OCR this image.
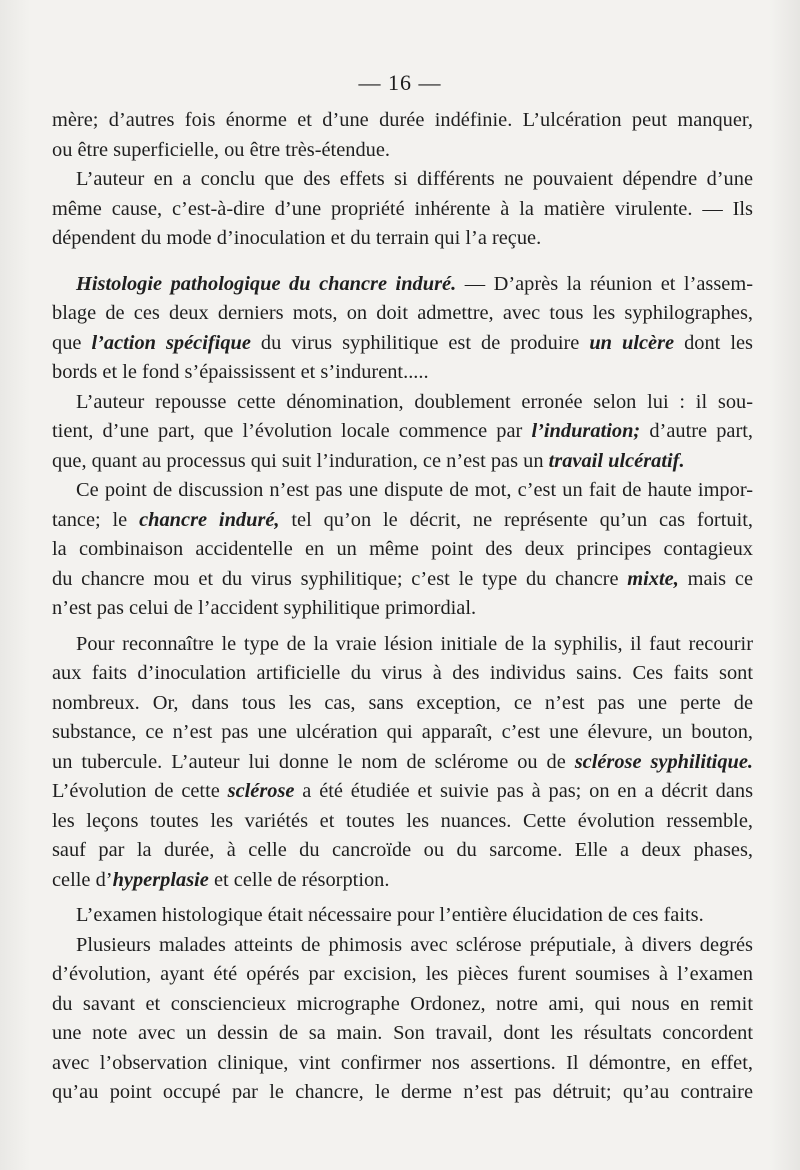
— 16 —
mère; d’autres fois énorme et d’une durée indéfinie. L’ulcération peut manquer,
ou être superficielle, ou être très-étendue.
L’auteur en a conclu que des effets si différents ne pouvaient dépendre d’une
même cause, c’est-à-dire d’une propriété inhérente à la matière virulente. — Ils
dépendent du mode d’inoculation et du terrain qui l’a reçue.
Histologie pathologique du chancre induré. — D’après la réunion et l’assem-
blage de ces deux derniers mots, on doit admettre, avec tous les syphilographes,
que l’action spécifique du virus syphilitique est de produire un ulcère dont les
bords et le fond s’épaississent et s’indurent.....
L’auteur repousse cette dénomination, doublement erronée selon lui : il sou-
tient, d’une part, que l’évolution locale commence par l’induration; d’autre part,
que, quant au processus qui suit l’induration, ce n’est pas un travail ulcératif.
Ce point de discussion n’est pas une dispute de mot, c’est un fait de haute impor-
tance; le chancre induré, tel qu’on le décrit, ne représente qu’un cas fortuit,
la combinaison accidentelle en un même point des deux principes contagieux
du chancre mou et du virus syphilitique; c’est le type du chancre mixte, mais ce
n’est pas celui de l’accident syphilitique primordial.
Pour reconnaître le type de la vraie lésion initiale de la syphilis, il faut recourir
aux faits d’inoculation artificielle du virus à des individus sains. Ces faits sont
nombreux. Or, dans tous les cas, sans exception, ce n’est pas une perte de
substance, ce n’est pas une ulcération qui apparaît, c’est une élevure, un bouton,
un tubercule. L’auteur lui donne le nom de sclérome ou de sclérose syphilitique.
L’évolution de cette sclérose a été étudiée et suivie pas à pas; on en a décrit dans
les leçons toutes les variétés et toutes les nuances. Cette évolution ressemble,
sauf par la durée, à celle du cancroïde ou du sarcome. Elle a deux phases,
celle d’hyperplasie et celle de résorption.
L’examen histologique était nécessaire pour l’entière élucidation de ces faits.
Plusieurs malades atteints de phimosis avec sclérose préputiale, à divers degrés
d’évolution, ayant été opérés par excision, les pièces furent soumises à l’examen
du savant et consciencieux micrographe Ordonez, notre ami, qui nous en remit
une note avec un dessin de sa main. Son travail, dont les résultats concordent
avec l’observation clinique, vint confirmer nos assertions. Il démontre, en effet,
qu’au point occupé par le chancre, le derme n’est pas détruit; qu’au contraire
